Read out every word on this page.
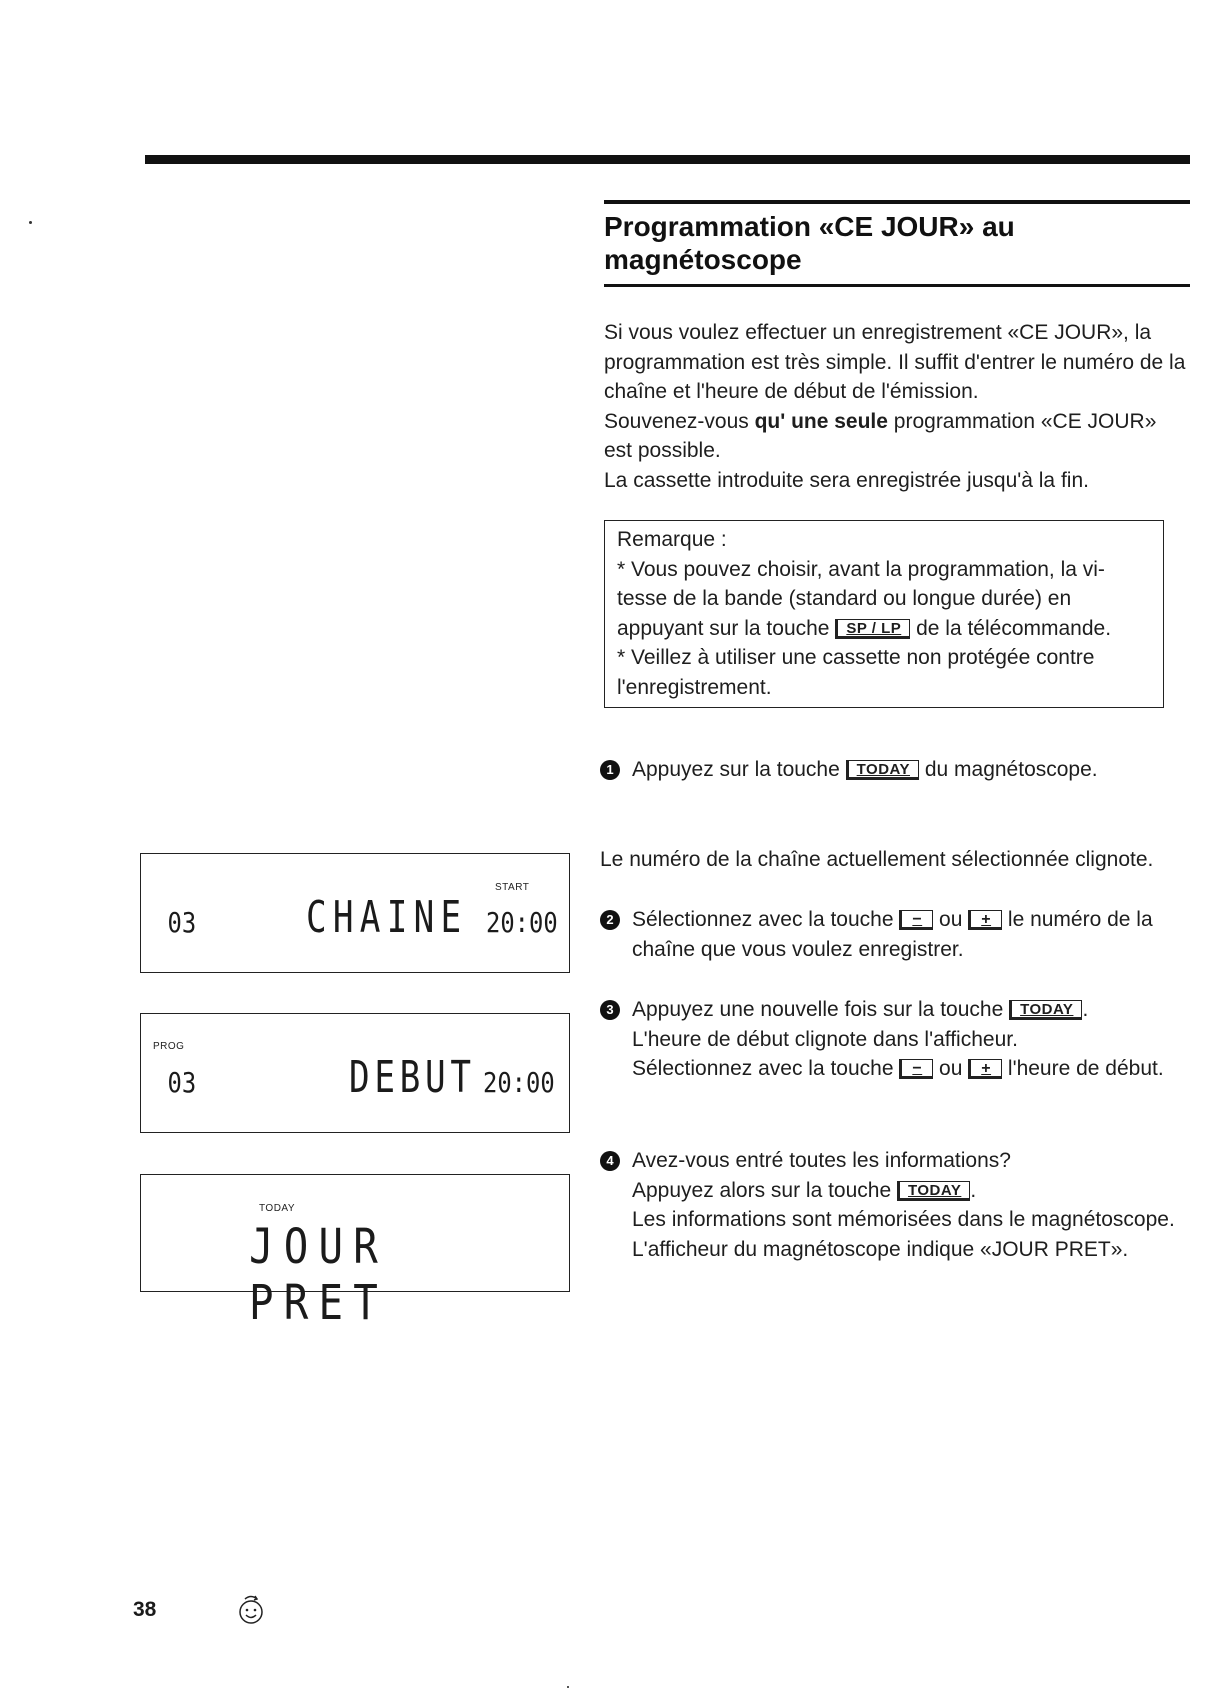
Programmation «CE JOUR» au
magnétoscope

Si vous voulez effectuer un enregistrement «CE JOUR», la programmation est très simple. Il suffit d'entrer le numéro de la chaîne et l'heure de début de l'émission.

Souvenez-vous qu' une seule programmation «CE JOUR» est possible.

La cassette introduite sera enregistrée jusqu'à la fin.

Remarque :

* Vous pouvez choisir, avant la programmation, la vi-tesse de la bande (standard ou longue durée) en appuyant sur la touche SP / LP de la télécommande.

* Veillez à utiliser une cassette non protégée contre l'enregistrement.

1 Appuyez sur la touche TODAY du magnétoscope.

Le numéro de la chaîne actuellement sélectionnée clignote.
2 Sélectionnez avec la touche − ou + le numéro de la chaîne que vous voulez enregistrer.

3 Appuyez une nouvelle fois sur la touche TODAY .

L'heure de début clignote dans l'afficheur.

Sélectionnez avec la touche − ou + l'heure de début.

4 Avez-vous entré toutes les informations?

Appuyez alors sur la touche TODAY .

Les informations sont mémorisées dans le magnétoscope. L'afficheur du magnétoscope indique «JOUR PRET».

START
03 CHAINE 20:00
PROG
03	DEBUT 20:00
TODAY
JOUR PRET
38
